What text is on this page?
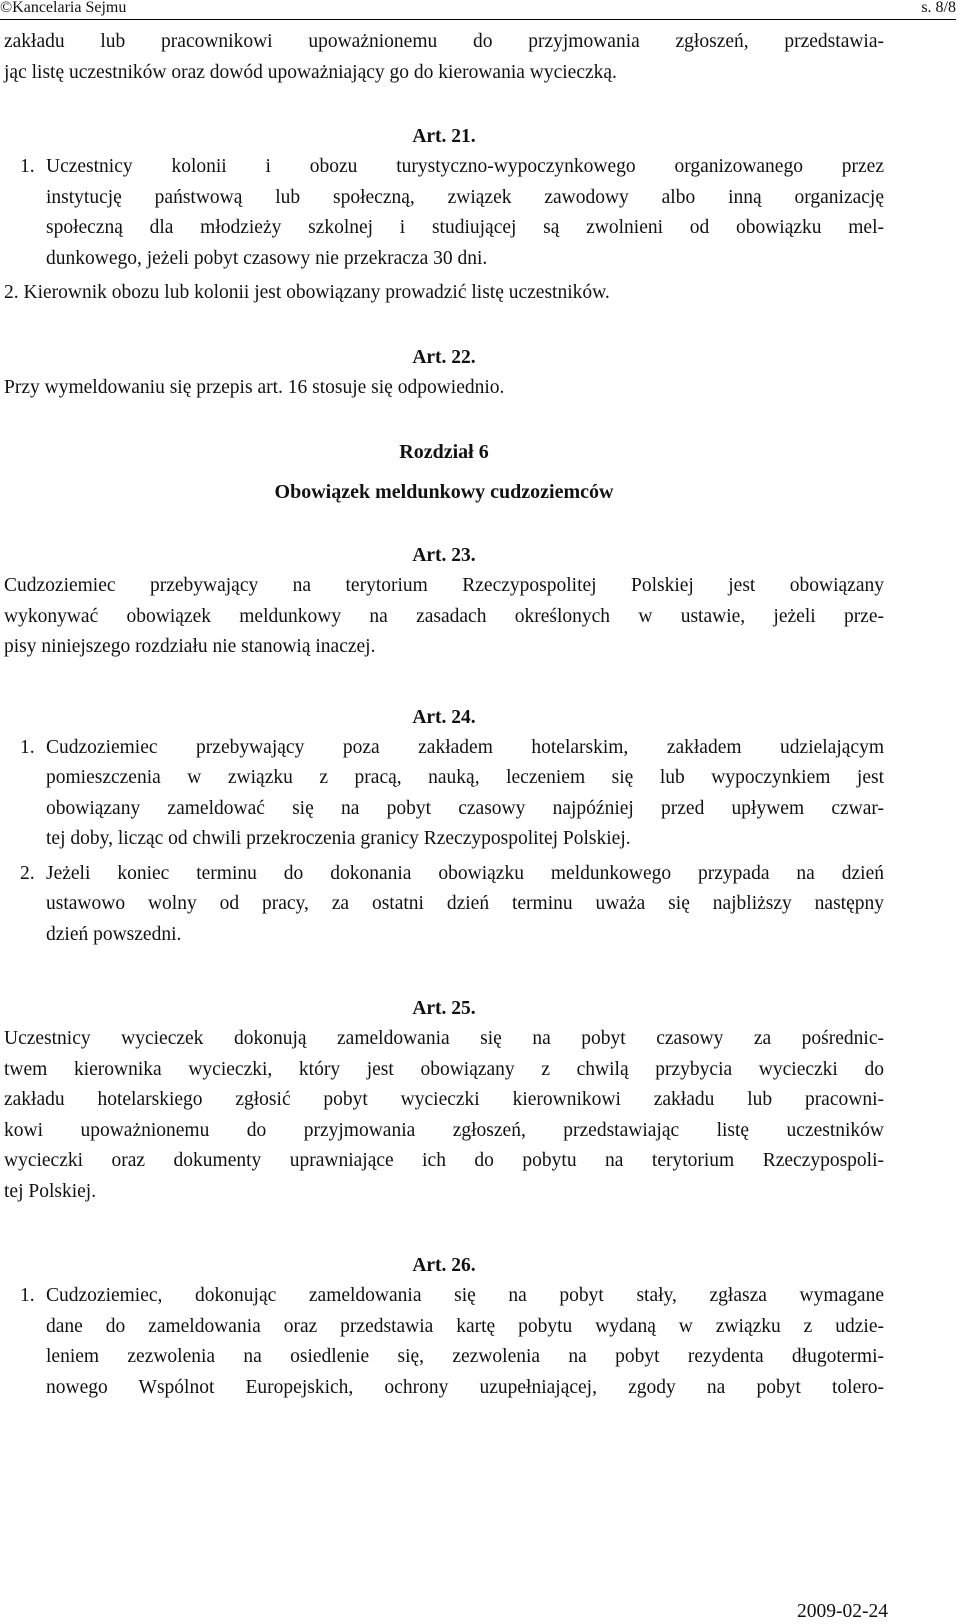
©Kancelaria Sejmu	s. 8/8
zakładu lub pracownikowi upoważnionemu do przyjmowania zgłoszeń, przedstawia-
jąc listę uczestników oraz dowód upoważniający go do kierowania wycieczką.
Art. 21.
1. Uczestnicy kolonii i obozu turystyczno-wypoczynkowego organizowanego przez
instytucję państwową lub społeczną, związek zawodowy albo inną organizację
społeczną dla młodzieży szkolnej i studiującej są zwolnieni od obowiązku mel-
dunkowego, jeżeli pobyt czasowy nie przekracza 30 dni.
2. Kierownik obozu lub kolonii jest obowiązany prowadzić listę uczestników.
Art. 22.
Przy wymeldowaniu się przepis art. 16 stosuje się odpowiednio.
Rozdział 6
Obowiązek meldunkowy cudzoziemców
Art. 23.
Cudzoziemiec przebywający na terytorium Rzeczypospolitej Polskiej jest obowiązany
wykonywać obowiązek meldunkowy na zasadach określonych w ustawie, jeżeli prze-
pisy niniejszego rozdziału nie stanowią inaczej.
Art. 24.
1. Cudzoziemiec przebywający poza zakładem hotelarskim, zakładem udzielającym
pomieszczenia w związku z pracą, nauką, leczeniem się lub wypoczynkiem jest
obowiązany zameldować się na pobyt czasowy najpóźniej przed upływem czwar-
tej doby, licząc od chwili przekroczenia granicy Rzeczypospolitej Polskiej.
2. Jeżeli koniec terminu do dokonania obowiązku meldunkowego przypada na dzień
ustawowo wolny od pracy, za ostatni dzień terminu uważa się najbliższy następny
dzień powszedni.
Art. 25.
Uczestnicy wycieczek dokonują zameldowania się na pobyt czasowy za pośrednic-
twem kierownika wycieczki, który jest obowiązany z chwilą przybycia wycieczki do
zakładu hotelarskiego zgłosić pobyt wycieczki kierownikowi zakładu lub pracowni-
kowi upoważnionemu do przyjmowania zgłoszeń, przedstawiając listę uczestników
wycieczki oraz dokumenty uprawniające ich do pobytu na terytorium Rzeczypospoli-
tej Polskiej.
Art. 26.
1. Cudzoziemiec, dokonując zameldowania się na pobyt stały, zgłasza wymagane
dane do zameldowania oraz przedstawia kartę pobytu wydaną w związku z udzie-
leniem zezwolenia na osiedlenie się, zezwolenia na pobyt rezydenta długotermi-
nowego Wspólnot Europejskich, ochrony uzupełniającej, zgody na pobyt tolero-
2009-02-24
